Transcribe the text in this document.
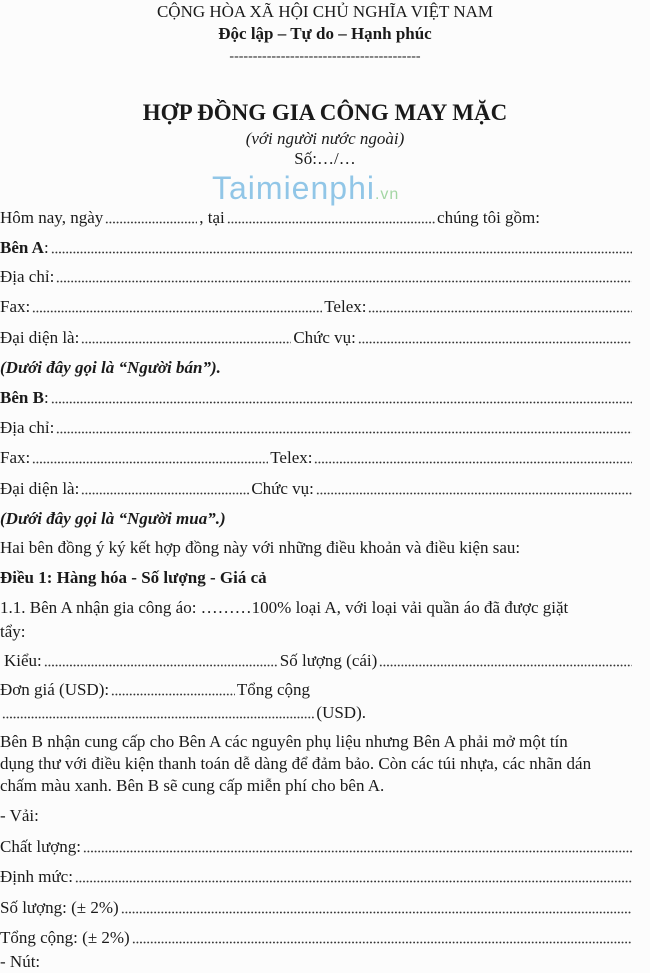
Taimienphi.vn
CỘNG HÒA XÃ HỘI CHỦ NGHĨA VIỆT NAM
Độc lập – Tự do – Hạnh phúc
-----------------------------------------
HỢP ĐỒNG GIA CÔNG MAY MẶC
(với người nước ngoài)
Số:…/…
Hôm nay, ngày	, tại	chúng tôi gồm:
Bên A :
Địa chỉ:
Fax:	Telex:
Đại diện là:	Chức vụ:
(Dưới đây gọi là “Người bán”).
Bên B :
Địa chỉ:
Fax:	Telex:
Đại diện là:	Chức vụ:
(Dưới đây gọi là “Người mua”.)
Hai bên đồng ý ký kết hợp đồng này với những điều khoản và điều kiện sau:
Điều 1 : Hàng hóa - Số lượng - Giá cả
1.1. Bên A nhận gia công áo: ………100% loại A, với loại vải quần áo đã được giặt
tẩy:
Kiểu:	Số lượng (cái)
Đơn giá (USD):	Tổng cộng
(USD).
Bên B nhận cung cấp cho Bên A các nguyên phụ liệu nhưng Bên A phải mở một tín
dụng thư với điều kiện thanh toán dễ dàng để đảm bảo. Còn các túi nhựa, các nhãn dán
chấm màu xanh. Bên B sẽ cung cấp miễn phí cho bên A.
- Vải:
Chất lượng:
Định mức:
Số lượng: (± 2%)
Tổng cộng: (± 2%)
- Nút:
